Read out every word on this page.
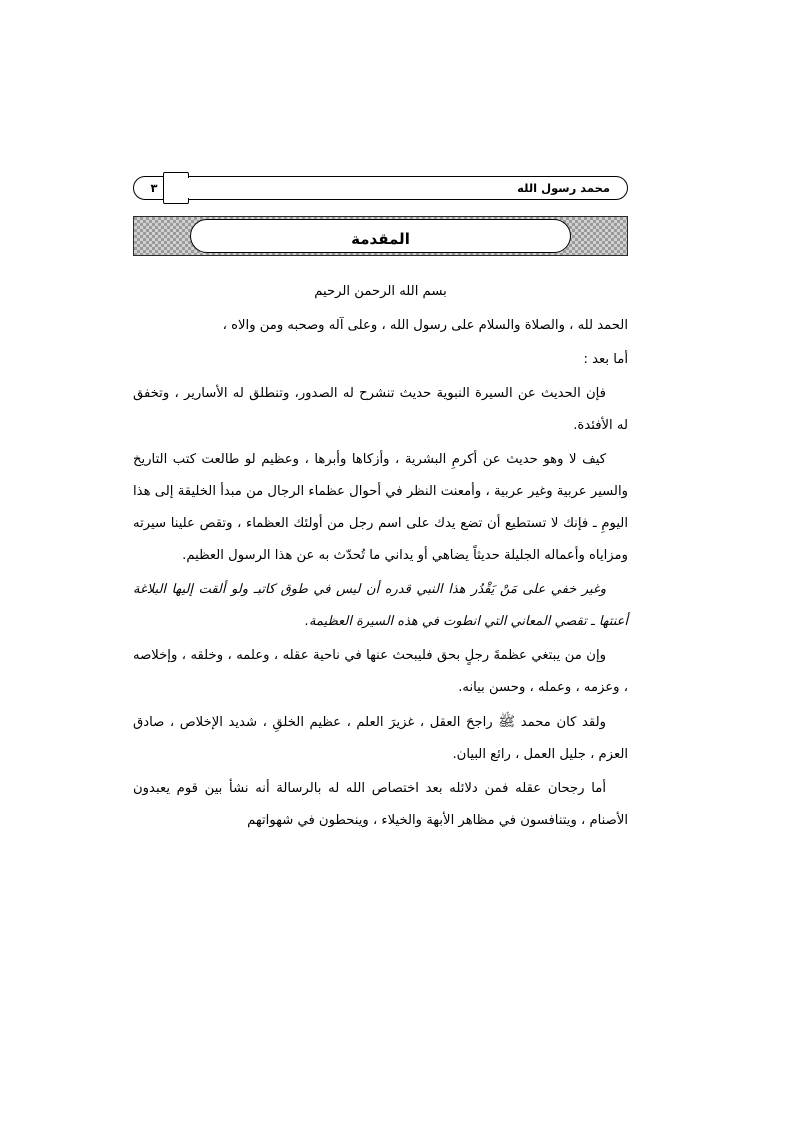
محمد رسول الله
٣
المقدمة

بسم الله الرحمن الرحيم

الحمد لله ، والصلاة والسلام على رسول الله ، وعلى آله وصحبه ومن والاه ،

أما بعد :

فإن الحديث عن السيرة النبوية حديث تنشرح له الصدور، وتنطلق له الأسارير ، وتخفق له الأفئدة.

كيف لا وهو حديث عن أكرمِ البشرية ، وأزكاها وأبرها ، وعظيم لو طالعت كتب التاريخ والسير عربية وغير عربية ، وأمعنت النظر في أحوال عظماء الرجال من مبدأ الخليقة إلى هذا اليومِ ـ فإنك لا تستطيع أن تضع يدك على اسم رجل من أولئك العظماء ، وتقص علينا سيرته ومزاياه وأعماله الجليلة حديثاً يضاهي أو يداني ما تُحدّث به عن هذا الرسول العظيم.

وغير خفي على مَنْ يَقْدُر هذا النبي قدره أن ليس في طوق كاتبـ ولو ألقت إليها البلاغة أعنتها ـ تقصي المعاني التي انطوت في هذه السيرة العظيمة.

وإن من يبتغي عظمةَ رجلٍ بحق فليبحث عنها في ناحية عقله ، وعلمه ، وخلقه ، وإخلاصه ، وعزمه ، وعمله ، وحسن بيانه.

ولقد كان محمد ﷺ راجحَ العقل ، غزيرَ العلم ، عظيم الخلقِ ، شديد الإخلاص ، صادق العزم ، جليل العمل ، رائع البيان.

أما رجحان عقله فمن دلائله بعد اختصاص الله له بالرسالة أنه نشأ بين قوم يعبدون الأصنام ، ويتنافسون في مظاهر الأبهة والخيلاء ، وينحطون في شهواتهم
